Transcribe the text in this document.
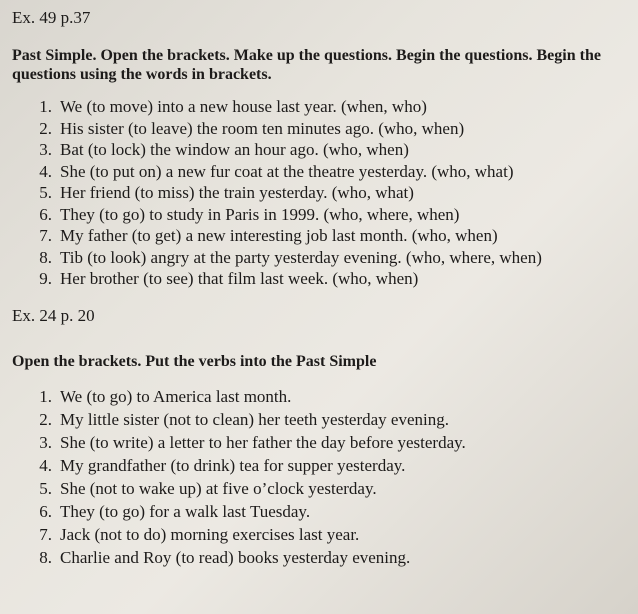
Ex. 49 p.37

Past Simple. Open the brackets. Make up the questions. Begin the questions. Begin the questions using the words in brackets.

1. We (to move) into a new house last year. (when, who)
2. His sister (to leave) the room ten minutes ago. (who, when)
3. Bat (to lock) the window an hour ago. (who, when)
4. She (to put on) a new fur coat at the theatre yesterday. (who, what)
5. Her friend (to miss) the train yesterday. (who, what)
6. They (to go) to study in Paris in 1999. (who, where, when)
7. My father (to get) a new interesting job last month. (who, when)
8. Tib (to look) angry at the party yesterday evening. (who, where, when)
9. Her brother (to see) that film last week. (who, when)

Ex. 24 p. 20

Open the brackets. Put the verbs into the Past Simple

1. We (to go) to America last month.
2. My little sister (not to clean) her teeth yesterday evening.
3. She (to write) a letter to her father the day before yesterday.
4. My grandfather (to drink) tea for supper yesterday.
5. She (not to wake up) at five o’clock yesterday.
6. They (to go) for a walk last Tuesday.
7. Jack (not to do) morning exercises last year.
8. Charlie and Roy (to read) books yesterday evening.
